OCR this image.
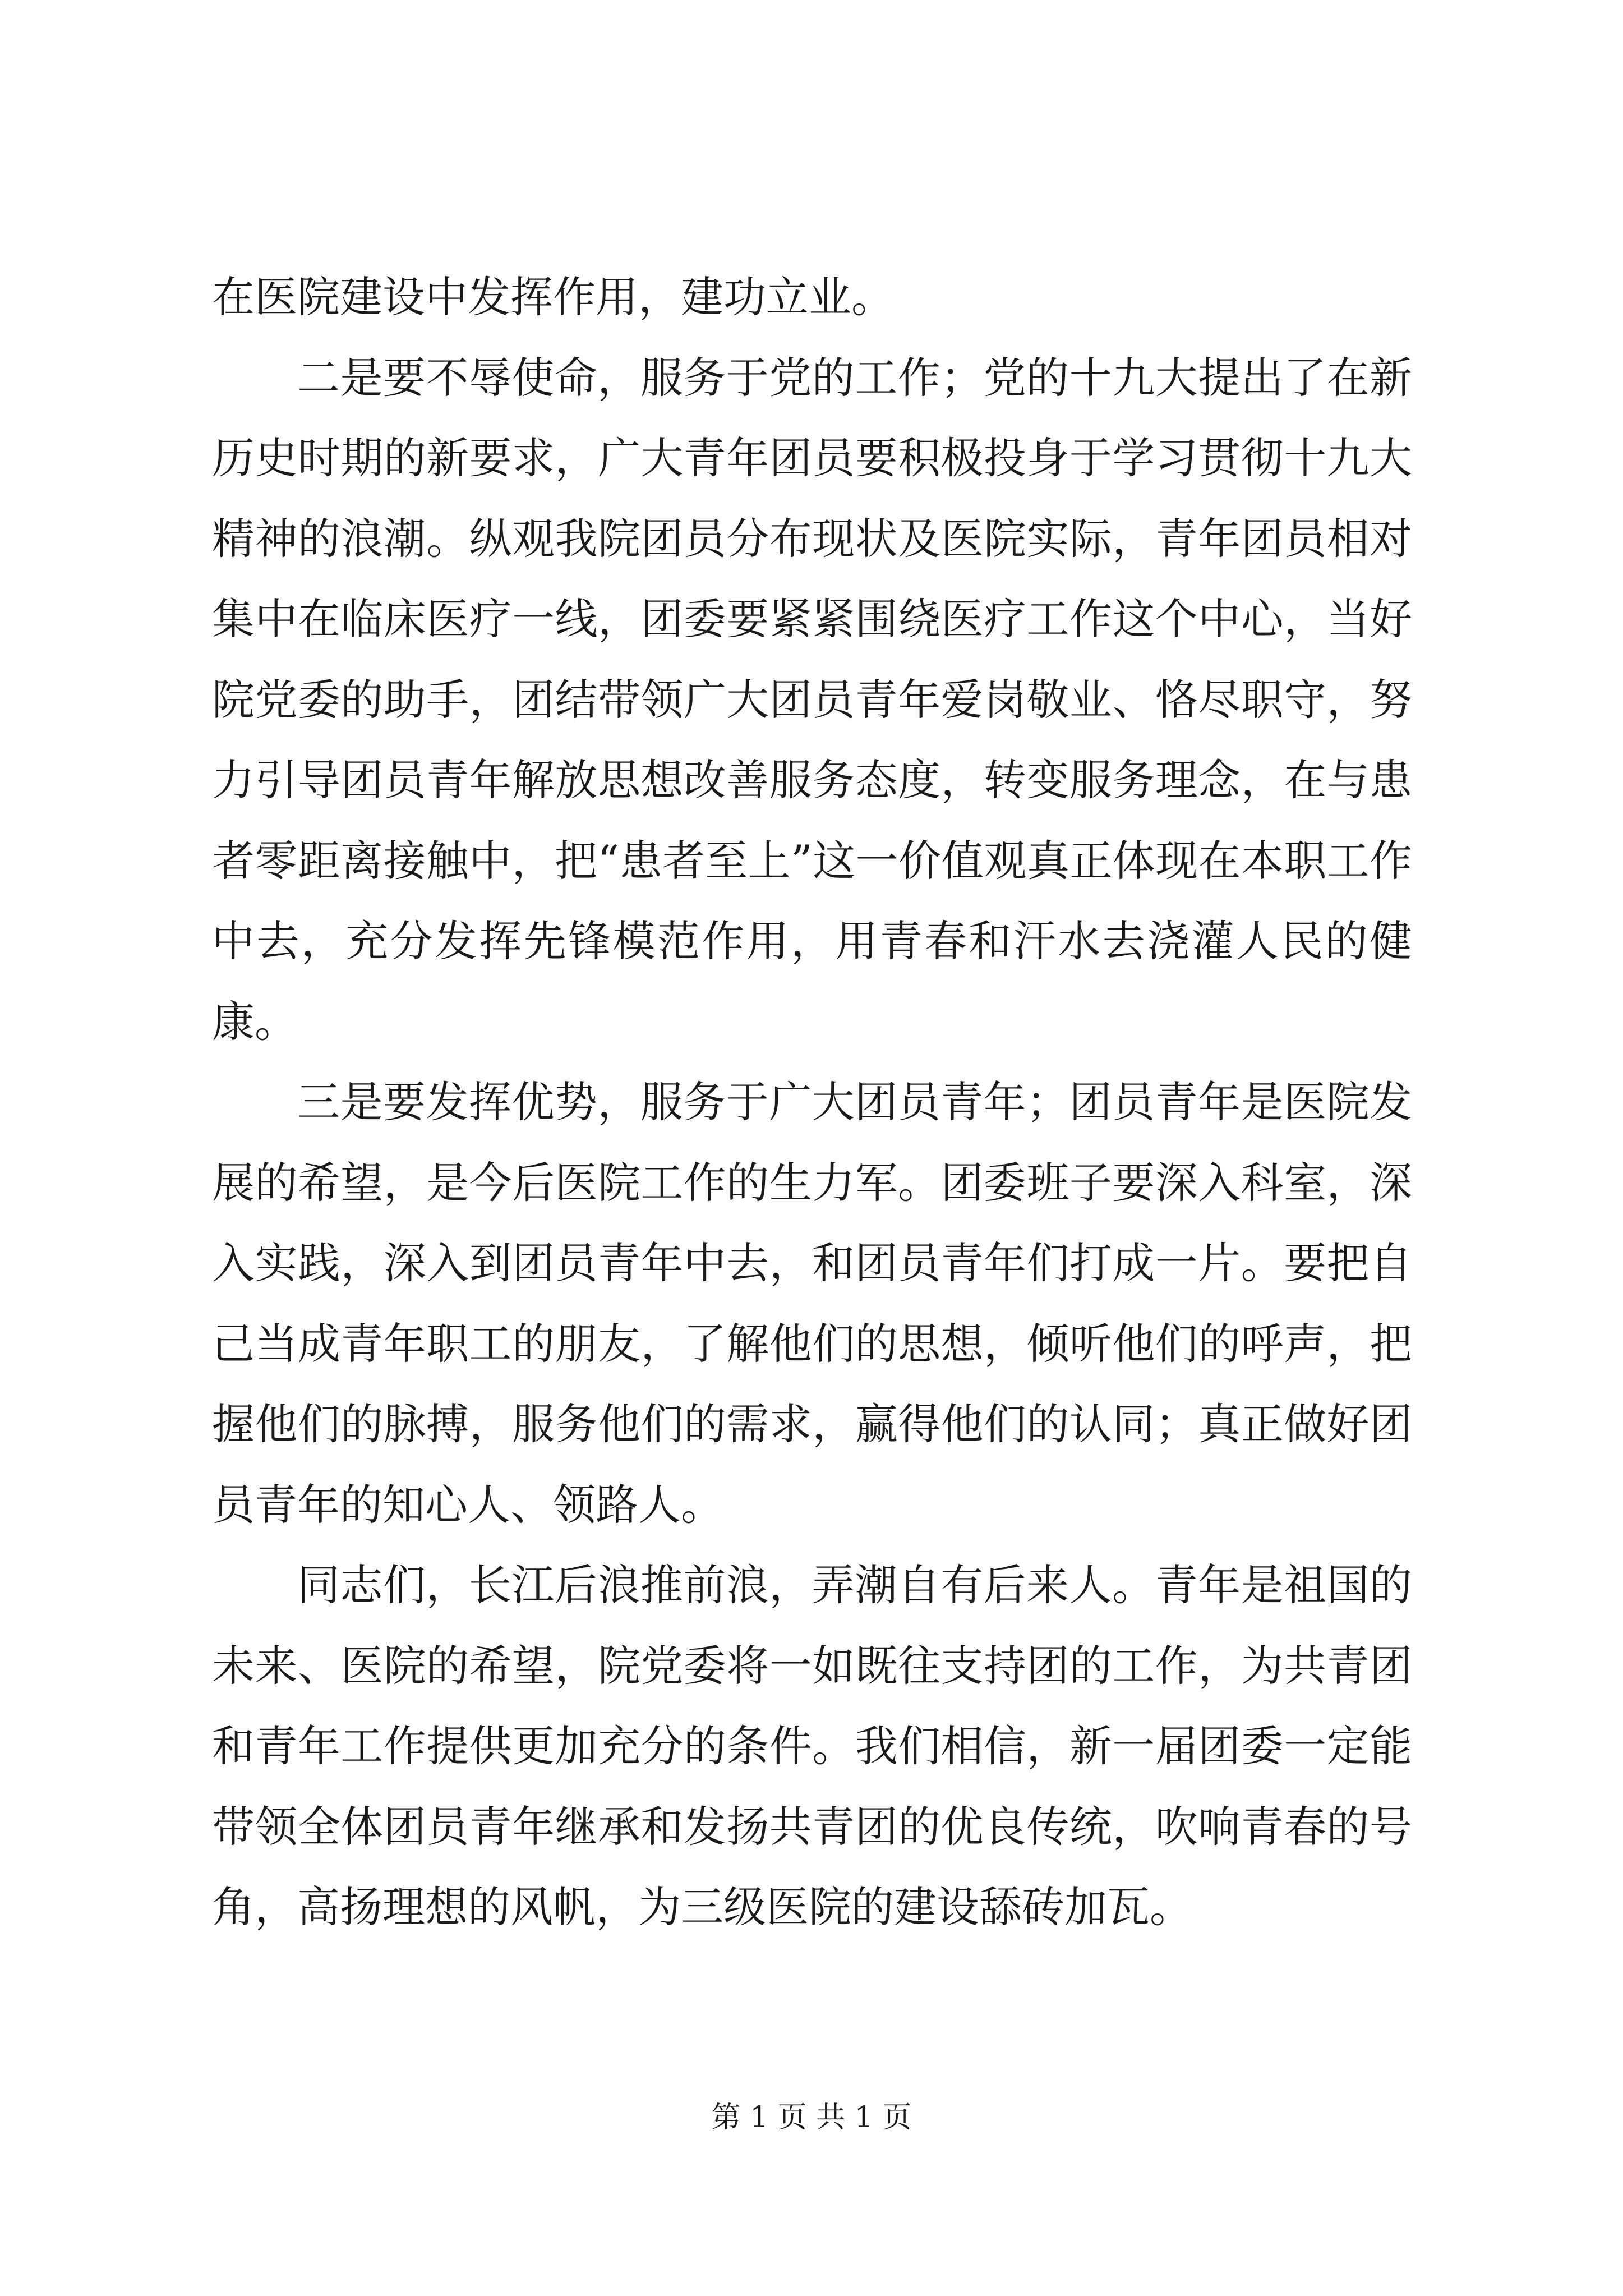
在医院建设中发挥作用，建功立业。

二是要不辱使命，服务于党的工作；党的十九大提出了在新历史时期的新要求，广大青年团员要积极投身于学习贯彻十九大精神的浪潮。纵观我院团员分布现状及医院实际，青年团员相对集中在临床医疗一线，团委要紧紧围绕医疗工作这个中心，当好院党委的助手，团结带领广大团员青年爱岗敬业、恪尽职守，努力引导团员青年解放思想改善服务态度，转变服务理念，在与患者零距离接触中，把“患者至上”这一价值观真正体现在本职工作中去，充分发挥先锋模范作用，用青春和汗水去浇灌人民的健康。

三是要发挥优势，服务于广大团员青年；团员青年是医院发展的希望，是今后医院工作的生力军。团委班子要深入科室，深入实践，深入到团员青年中去，和团员青年们打成一片。要把自己当成青年职工的朋友，了解他们的思想，倾听他们的呼声，把握他们的脉搏，服务他们的需求，赢得他们的认同；真正做好团员青年的知心人、领路人。

同志们，长江后浪推前浪，弄潮自有后来人。青年是祖国的未来、医院的希望，院党委将一如既往支持团的工作，为共青团和青年工作提供更加充分的条件。我们相信，新一届团委一定能带领全体团员青年继承和发扬共青团的优良传统，吹响青春的号角，高扬理想的风帆，为三级医院的建设舔砖加瓦。

第 1 页 共 1 页
